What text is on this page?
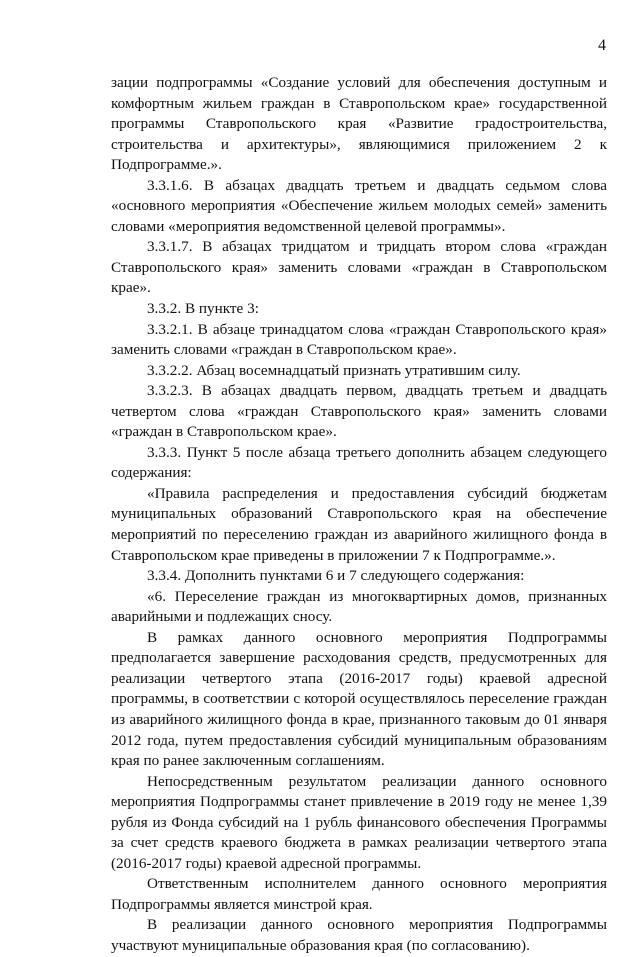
4

зации подпрограммы «Создание условий для обеспечения доступным и комфортным жильем граждан в Ставропольском крае» государственной программы Ставропольского края «Развитие градостроительства, строительства и архитектуры», являющимися приложением 2 к Подпрограмме.».

3.3.1.6. В абзацах двадцать третьем и двадцать седьмом слова «основного мероприятия «Обеспечение жильем молодых семей» заменить словами «мероприятия ведомственной целевой программы».

3.3.1.7. В абзацах тридцатом и тридцать втором слова «граждан Ставропольского края» заменить словами «граждан в Ставропольском крае».

3.3.2. В пункте 3:

3.3.2.1. В абзаце тринадцатом слова «граждан Ставропольского края» заменить словами «граждан в Ставропольском крае».

3.3.2.2. Абзац восемнадцатый признать утратившим силу.

3.3.2.3. В абзацах двадцать первом, двадцать третьем и двадцать четвертом слова «граждан Ставропольского края» заменить словами «граждан в Ставропольском крае».

3.3.3. Пункт 5 после абзаца третьего дополнить абзацем следующего содержания:

«Правила распределения и предоставления субсидий бюджетам муниципальных образований Ставропольского края на обеспечение мероприятий по переселению граждан из аварийного жилищного фонда в Ставропольском крае приведены в приложении 7 к Подпрограмме.».

3.3.4. Дополнить пунктами 6 и 7 следующего содержания:

«6. Переселение граждан из многоквартирных домов, признанных аварийными и подлежащих сносу.

В рамках данного основного мероприятия Подпрограммы предполагается завершение расходования средств, предусмотренных для реализации четвертого этапа (2016-2017 годы) краевой адресной программы, в соответствии с которой осуществлялось переселение граждан из аварийного жилищного фонда в крае, признанного таковым до 01 января 2012 года, путем предоставления субсидий муниципальным образованиям края по ранее заключенным соглашениям.

Непосредственным результатом реализации данного основного мероприятия Подпрограммы станет привлечение в 2019 году не менее 1,39 рубля из Фонда субсидий на 1 рубль финансового обеспечения Программы за счет средств краевого бюджета в рамках реализации четвертого этапа (2016-2017 годы) краевой адресной программы.

Ответственным исполнителем данного основного мероприятия Подпрограммы является минстрой края.

В реализации данного основного мероприятия Подпрограммы участвуют муниципальные образования края (по согласованию).
